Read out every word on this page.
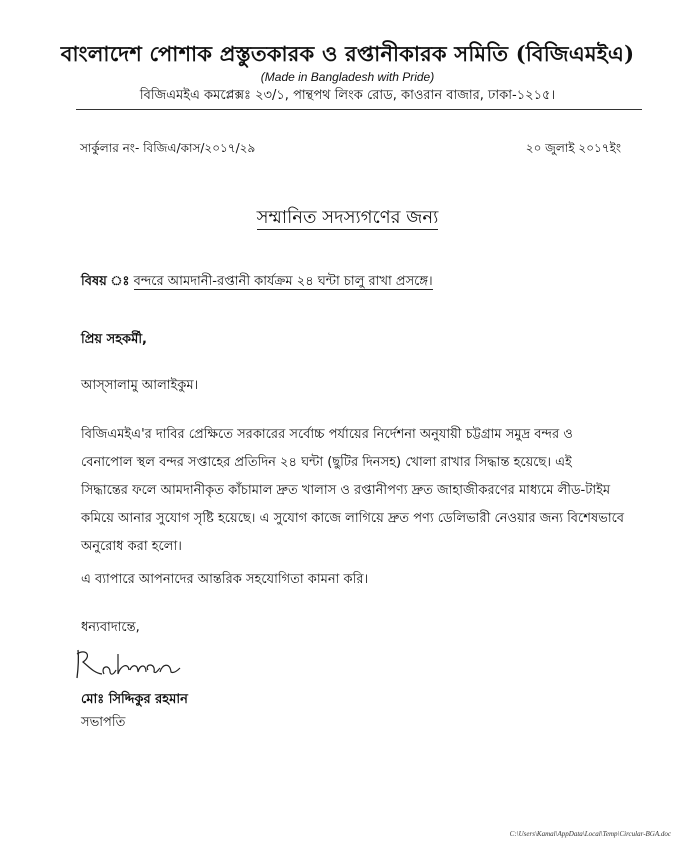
বাংলাদেশ পোশাক প্রস্তুতকারক ও রপ্তানীকারক সমিতি (বিজিএমইএ)
(Made in Bangladesh with Pride)
বিজিএমইএ কমপ্লেক্সঃ ২৩/১, পান্থপথ লিংক রোড, কাওরান বাজার, ঢাকা-১২১৫।
সার্কুলার নং- বিজিএ/কাস/২০১৭/২৯	২০ জুলাই ২০১৭ইং
সম্মানিত সদস্যগণের জন্য
বিষয় ঃ বন্দরে আমদানী-রপ্তানী কার্যক্রম ২৪ ঘন্টা চালু রাখা প্রসঙ্গে।
প্রিয় সহকর্মী,
আস্সালামু আলাইকুম।
বিজিএমইএ'র দাবির প্রেক্ষিতে সরকারের সর্বোচ্চ পর্যায়ের নির্দেশনা অনুযায়ী চট্টগ্রাম সমুদ্র বন্দর ও
বেনাপোল স্থল বন্দর সপ্তাহের প্রতিদিন ২৪ ঘন্টা (ছুটির দিনসহ) খোলা রাখার সিদ্ধান্ত হয়েছে। এই
সিদ্ধান্তের ফলে আমদানীকৃত কাঁচামাল দ্রুত খালাস ও রপ্তানীপণ্য দ্রুত জাহাজীকরণের মাধ্যমে লীড-টাইম
কমিয়ে আনার সুযোগ সৃষ্টি হয়েছে। এ সুযোগ কাজে লাগিয়ে দ্রুত পণ্য ডেলিভারী নেওয়ার জন্য বিশেষভাবে
অনুরোধ করা হলো।
এ ব্যাপারে আপনাদের আন্তরিক সহযোগিতা কামনা করি।
ধন্যবাদান্তে,
মোঃ সিদ্দিকুর রহমান
সভাপতি
C:\Users\Kamal\AppData\Local\Temp\Circular-BGA.doc
